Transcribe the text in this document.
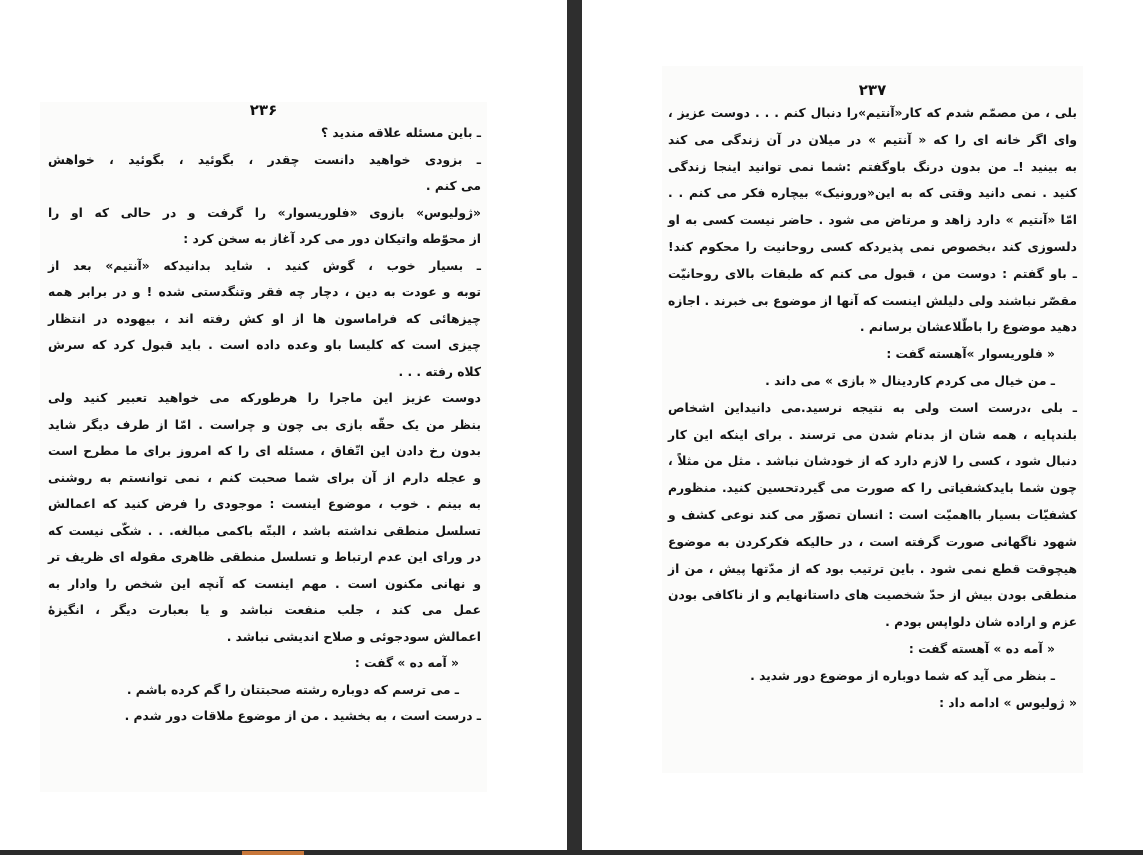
۲۳۶
ـ باین مسئله علاقه مندید ؟
ـ بزودی خواهید دانست چقدر ، بگوئید ، بگوئید ، خواهش
می کنم .
«ژولیوس» بازوی «فلوریسوار» را گرفت و در حالی که او را
از محوّطه واتیکان دور می کرد آغاز به سخن کرد :
ـ بسیار خوب ، گوش کنید . شاید بدانیدکه «آنتیم» بعد از
توبه و عودت به دین ، دچار چه فقر وتنگدستی شده ! و در برابر همه
چیزهائی که فراماسون ها از او کش رفته اند ، بیهوده در انتظار
چیزی است که کلیسا باو وعده داده است . باید قبول کرد که سرش
کلاه رفته . . .
دوست عزیز این ماجرا را هرطورکه می خواهید تعبیر کنید ولی
بنظر من یک حقّه بازی بی چون و چراست . امّا از طرف دیگر شاید
بدون رخ دادن این اتّفاق ، مسئله ای را که امروز برای ما مطرح است
و عجله دارم از آن برای شما صحبت کنم ، نمی توانستم به روشنی
به بینم . خوب ، موضوع اینست : موجودی را فرض کنید که اعمالش
تسلسل منطقی نداشته باشد ، البتّه باکمی مبالغه. . . شکّی نیست که
در ورای این عدم ارتباط و تسلسل منطقی ظاهری مقوله ای ظریف تر
و نهانی مکنون است . مهم اینست که آنچه این شخص را وادار به
عمل می کند ، جلب منفعت نباشد و یا بعبارت دیگر ، انگیزهٔ
اعمالش سودجوئی و صلاح اندیشی نباشد .
« آمه ده » گفت :
ـ می ترسم که دوباره رشته صحبتتان را گم کرده باشم .
ـ درست است ، به بخشید . من از موضوع ملاقات دور شدم .
۲۳۷
بلی ، من مصمّم شدم که کار«آنتیم»را دنبال کنم . . . دوست عزیز ،
وای اگر خانه ای را که « آنتیم » در میلان در آن زندگی می کند
به بینید !ـ من بدون درنگ باوگفتم :شما نمی توانید اینجا زندگی
کنید . نمی دانید وقتی که به این«ورونیک» بیچاره فکر می کنم . .
امّا «آنتیم » دارد زاهد و مرتاض می شود . حاضر نیست کسی به او
دلسوزی کند ،بخصوص نمی پذیردکه کسی روحانیت را محکوم کند!
ـ باو گفتم : دوست من ، قبول می کنم که طبقات بالای روحانیّت
مقصّر نباشند ولی دلیلش اینست که آنها از موضوع بی خبرند . اجازه
دهید موضوع را باطّلاعشان برسانم .
« فلوریسوار »آهسته گفت :
ـ من خیال می کردم کاردینال « بازی » می داند .
ـ بلی ،درست است ولی به نتیجه نرسید.می دانیداین اشخاص
بلندپایه ، همه شان از بدنام شدن می ترسند . برای اینکه این کار
دنبال شود ، کسی را لازم دارد که از خودشان نباشد . مثل من مثلاً ،
چون شما بایدکشفیاتی را که صورت می گیردتحسین کنید. منظورم
کشفیّات بسیار بااهمیّت است : انسان تصوّر می کند نوعی کشف و
شهود ناگهانی صورت گرفته است ، در حالیکه فکرکردن به موضوع
هیچوقت قطع نمی شود . باین ترتیب بود که از مدّتها پیش ، من از
منطقی بودن بیش از حدّ شخصیت های داستانهایم و از ناکافی بودن
عزم و اراده شان دلواپس بودم .
« آمه ده » آهسته گفت :
ـ بنظر می آید که شما دوباره از موضوع دور شدید .
« ژولیوس » ادامه داد :
